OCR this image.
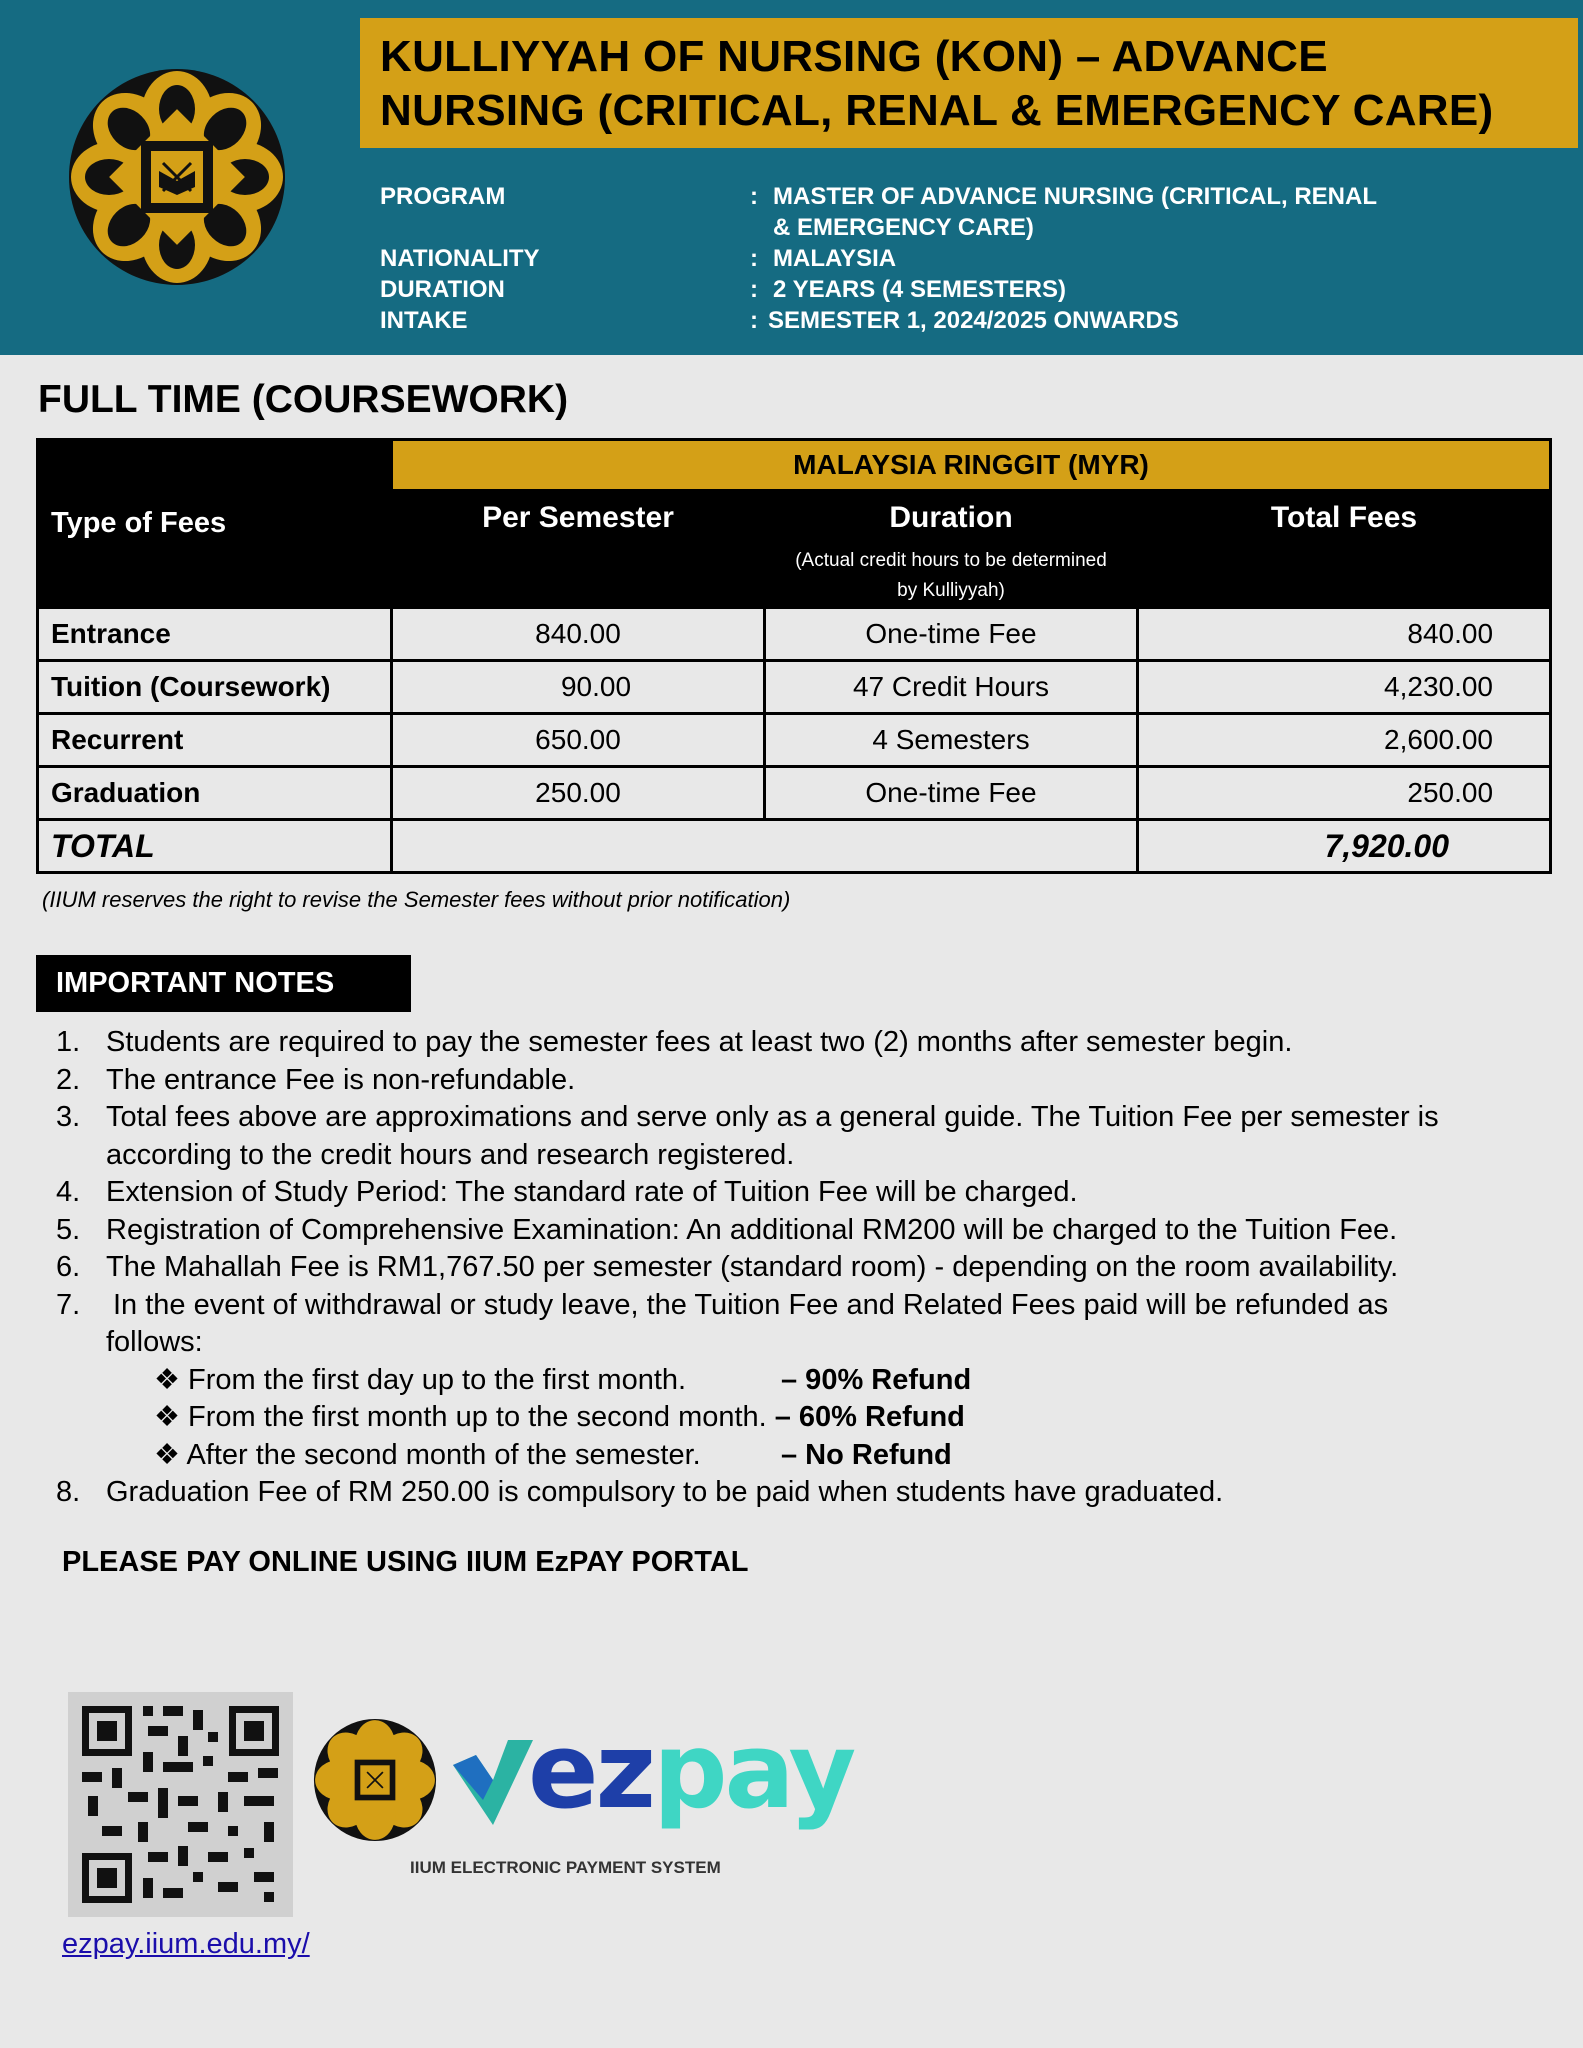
KULLIYYAH OF NURSING (KON) – ADVANCE
NURSING (CRITICAL, RENAL & EMERGENCY CARE)
PROGRAM	: MASTER OF ADVANCE NURSING (CRITICAL, RENAL
& EMERGENCY CARE)
NATIONALITY	: MALAYSIA
DURATION	: 2 YEARS (4 SEMESTERS)
INTAKE	: SEMESTER 1, 2024/2025 ONWARDS
FULL TIME (COURSEWORK)
Type of Fees	MALAYSIA RINGGIT (MYR)		
	Per Semester	Duration	Total Fees

		(Actual credit hours to be determined
by Kulliyyah)	

Entrance	840.00	One-time Fee	840.00
Tuition (Coursework)	90.00	47 Credit Hours	4,230.00
Recurrent	650.00	4 Semesters	2,600.00
Graduation	250.00	One-time Fee	250.00
TOTAL			7,920.00
(IIUM reserves the right to revise the Semester fees without prior notification)
IMPORTANT NOTES
1. Students are required to pay the semester fees at least two (2) months after semester begin.
2. The entrance Fee is non-refundable.
3. Total fees above are approximations and serve only as a general guide. The Tuition Fee per semester is
according to the credit hours and research registered.
4. Extension of Study Period: The standard rate of Tuition Fee will be charged.
5. Registration of Comprehensive Examination: An additional RM200 will be charged to the Tuition Fee.
6. The Mahallah Fee is RM1,767.50 per semester (standard room) - depending on the room availability.
7. In the event of withdrawal or study leave, the Tuition Fee and Related Fees paid will be refunded as
follows:
❖ From the first day up to the first month.	– 90% Refund
❖ From the first month up to the second month. – 60% Refund
❖ After the second month of the semester.	– No Refund
8. Graduation Fee of RM 250.00 is compulsory to be paid when students have graduated.
PLEASE PAY ONLINE USING IIUM EzPAY PORTAL
ezpay
IIUM ELECTRONIC PAYMENT SYSTEM
ezpay.iium.edu.my/
